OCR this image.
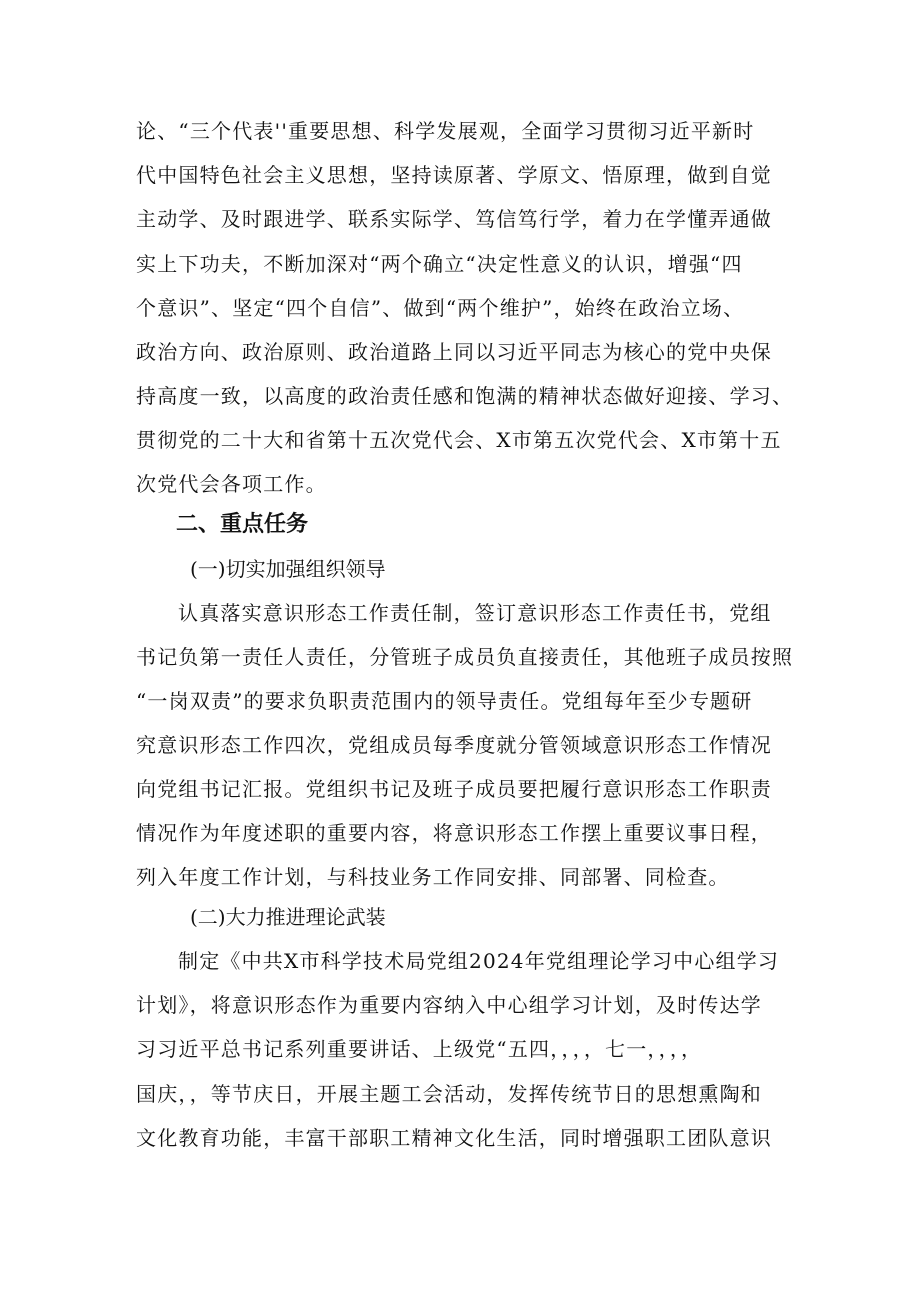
论、“三个代表''重要思想、科学发展观，全面学习贯彻习近平新时
代中国特色社会主义思想，坚持读原著、学原文、悟原理，做到自觉
主动学、及时跟进学、联系实际学、笃信笃行学，着力在学懂弄通做
实上下功夫，不断加深对“两个确立“决定性意义的认识，增强“四
个意识”、坚定“四个自信”、做到“两个维护”，始终在政治立场、
政治方向、政治原则、政治道路上同以习近平同志为核心的党中央保
持高度一致，以高度的政治责任感和饱满的精神状态做好迎接、学习、
贯彻党的二十大和省第十五次党代会、X市第五次党代会、X市第十五
次党代会各项工作。
二、重点任务
(一)切实加强组织领导
认真落实意识形态工作责任制，签订意识形态工作责任书，党组
书记负第一责任人责任，分管班子成员负直接责任，其他班子成员按照
“一岗双责”的要求负职责范围内的领导责任。党组每年至少专题研
究意识形态工作四次，党组成员每季度就分管领域意识形态工作情况
向党组书记汇报。党组织书记及班子成员要把履行意识形态工作职责
情况作为年度述职的重要内容，将意识形态工作摆上重要议事日程，
列入年度工作计划，与科技业务工作同安排、同部署、同检查。
(二)大力推进理论武装
制定《中共X市科学技术局党组2024年党组理论学习中心组学习
计划》，将意识形态作为重要内容纳入中心组学习计划，及时传达学
习习近平总书记系列重要讲话、上级党“五四，，，，七一，，，，
国庆，，等节庆日，开展主题工会活动，发挥传统节日的思想熏陶和
文化教育功能，丰富干部职工精神文化生活，同时增强职工团队意识
